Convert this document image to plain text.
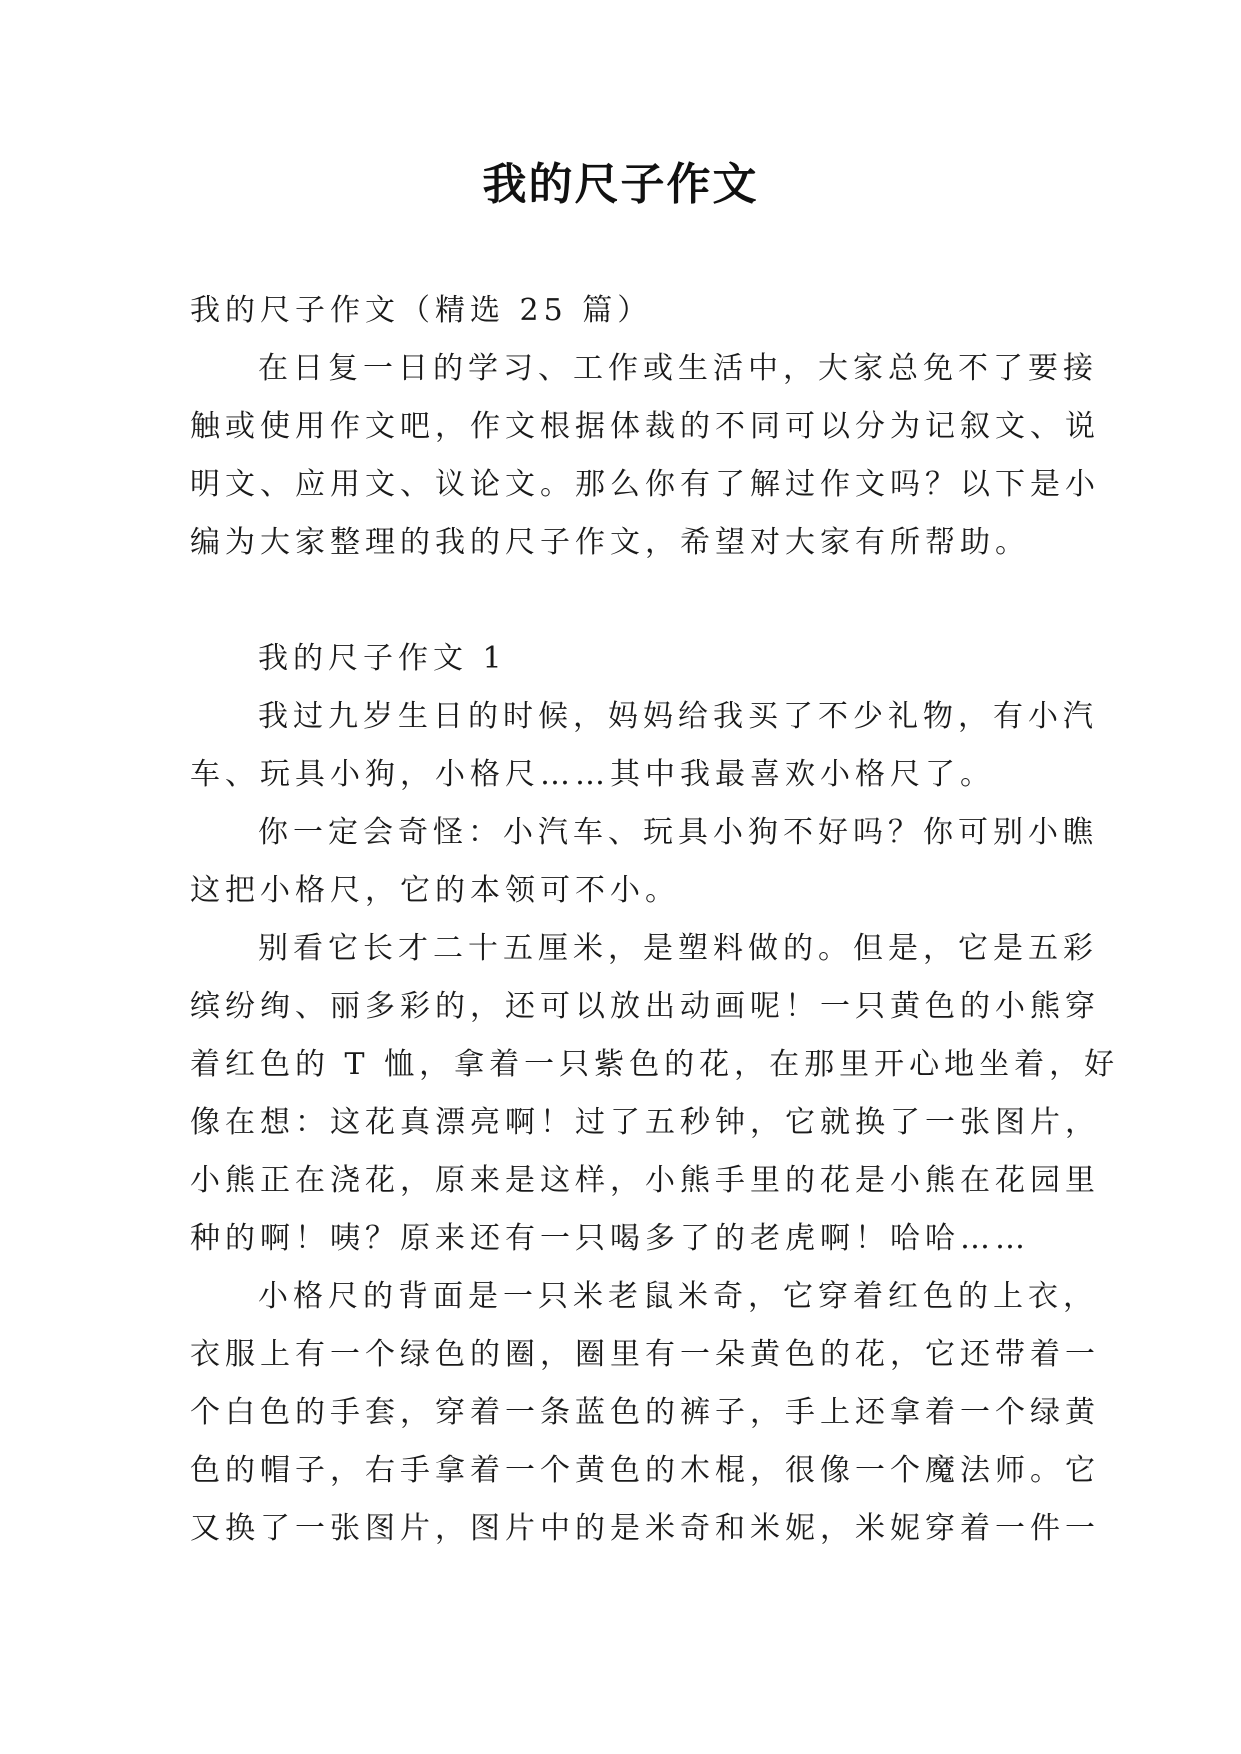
我的尺子作文

我的尺子作文（精选 25 篇）

在日复一日的学习、工作或生活中，大家总免不了要接

触或使用作文吧，作文根据体裁的不同可以分为记叙文、说

明文、应用文、议论文。那么你有了解过作文吗？以下是小

编为大家整理的我的尺子作文，希望对大家有所帮助。

我的尺子作文 1

我过九岁生日的时候，妈妈给我买了不少礼物，有小汽

车、玩具小狗，小格尺……其中我最喜欢小格尺了。

你一定会奇怪：小汽车、玩具小狗不好吗？你可别小瞧

这把小格尺，它的本领可不小。

别看它长才二十五厘米，是塑料做的。但是，它是五彩

缤纷绚、丽多彩的，还可以放出动画呢！一只黄色的小熊穿

着红色的 T 恤，拿着一只紫色的花，在那里开心地坐着，好

像在想：这花真漂亮啊！过了五秒钟，它就换了一张图片，

小熊正在浇花，原来是这样，小熊手里的花是小熊在花园里

种的啊！咦？原来还有一只喝多了的老虎啊！哈哈……

小格尺的背面是一只米老鼠米奇，它穿着红色的上衣，

衣服上有一个绿色的圈，圈里有一朵黄色的花，它还带着一

个白色的手套，穿着一条蓝色的裤子，手上还拿着一个绿黄

色的帽子，右手拿着一个黄色的木棍，很像一个魔法师。它

又换了一张图片，图片中的是米奇和米妮，米妮穿着一件一
